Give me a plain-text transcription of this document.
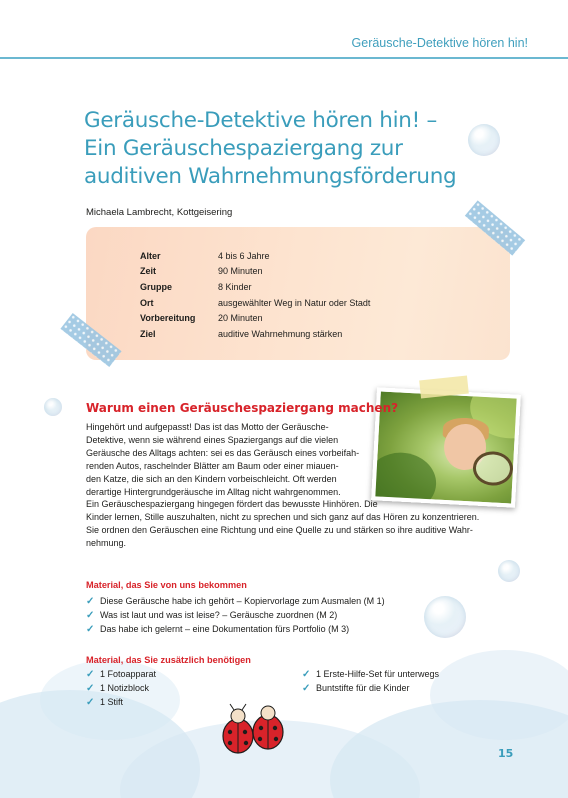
Geräusche-Detektive hören hin!
Geräusche-Detektive hören hin! –
Ein Geräuschespaziergang zur
auditiven Wahrnehmungsförderung
Michaela Lambrecht, Kottgeisering
Alter	4 bis 6 Jahre
Zeit	90 Minuten
Gruppe	8 Kinder
Ort	ausgewählter Weg in Natur oder Stadt
Vorbereitung	20 Minuten
Ziel	auditive Wahrnehmung stärken
Warum einen Geräuschespaziergang machen?
Hingehört und aufgepasst! Das ist das Motto der Geräusche-
Detektive, wenn sie während eines Spaziergangs auf die vielen
Geräusche des Alltags achten: sei es das Geräusch eines vorbeifah-
renden Autos, raschelnder Blätter am Baum oder einer miauen-
den Katze, die sich an den Kindern vorbeischleicht. Oft werden
derartige Hintergrundgeräusche im Alltag nicht wahrgenommen.
Ein Geräuschespaziergang hingegen fördert das bewusste Hinhören. Die
Kinder lernen, Stille auszuhalten, nicht zu sprechen und sich ganz auf das Hören zu konzentrieren.
Sie ordnen den Geräuschen eine Richtung und eine Quelle zu und stärken so ihre auditive Wahr-
nehmung.
Material, das Sie von uns bekommen
✓ Diese Geräusche habe ich gehört – Kopiervorlage zum Ausmalen (M 1)
✓ Was ist laut und was ist leise? – Geräusche zuordnen (M 2)
✓ Das habe ich gelernt – eine Dokumentation fürs Portfolio (M 3)
Material, das Sie zusätzlich benötigen
✓ 1 Fotoapparat
✓ 1 Notizblock
✓ 1 Stift
✓ 1 Erste-Hilfe-Set für unterwegs
✓ Buntstifte für die Kinder
15
